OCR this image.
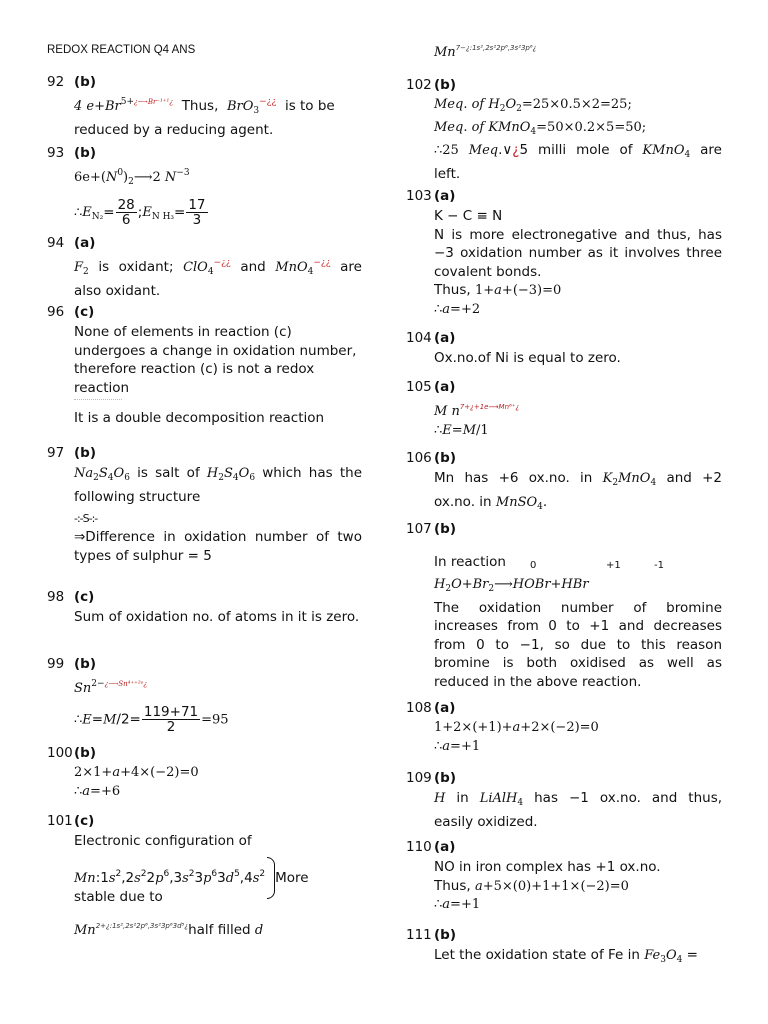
REDOX REACTION Q4 ANS
92 (b)
4 $e+Br^{5+¿⟶Br^{-1+1}¿}$ Thus, BrO$_3$−¿¿ is to be
reduced by a reducing agent.
93 (b)
$6e+(N^0)_2⟶2$ $N^{-3}$
$\therefore E_{N_2}= \frac{28}{6}$ $;E_{N H_3}= \frac{17}{3}$
94 (a)
$F_2$ is oxidant; ClO$_4$−¿¿ and MnO$_4$−¿¿ are
also oxidant.
96 (c)
None of elements in reaction (c) undergoes a change in oxidation number, therefore reaction (c) is not a redox reaction
It is a double decomposition reaction
97 (b)
$Na_2S_4O_6$ is salt of $H_2S_4O_6$ which has the
following structure
-:-S-:-
⇒Difference in oxidation number of two types of sulphur = 5
98 (c)
Sum of oxidation no. of atoms in it is zero.
99 (b)
$Sn^{2-¿⟶Sn^{4++2}ᵉ¿}$
∴E=M/2= $\frac{119+71}{2} =95$
100 (b)
2×1+a+4×(−2)=0
∴a=+6
101 (c)
Electronic configuration of
$Mn:1s^2,2s^22p^6,3s^23p^63d^5,4s^2$ More
stable due to
$Mn^{2+¿:1s^2,2s^22p^6,3s^23p^63d^5¿}half$ filled d
$Mn^{7-¿:1s^2,2s^22p^6,3s^23p^6¿}$
102 (b)
Meq. of $H_2O_2=25\times 0.5\times 2=25$;
Meq. of KMnO$_4$=50×0.2×5=50;
∴25 Meq.∨¿5 milli mole of KMnO$_4$ are
left.
103 (a)
K − C ≡ N
N is more electronegative and thus, has −3 oxidation number as it involves three covalent bonds.
Thus, 1+a+(−3)=0
∴a=+2
104 (a)
Ox.no.of Ni is equal to zero.
105 (a)
M $n^{7+¿+1e⟶Mn^{6+}¿}$
∴E=M/1
106 (b)
Mn has +6 ox.no. in $K_2MnO_4$ and +2
ox.no. in MnSO$_4$.
107 (b)
In reaction 0	+1	-1
$H_2O+Br_2⟶HOBr+HBr$
The oxidation number of bromine increases from 0 to +1 and decreases from 0 to −1, so due to this reason bromine is both oxidised as well as reduced in the above reaction.
108 (a)
1+2×(+1)+a+2×(−2)=0
∴a=+1
109 (b)
H in LiAlH$_4$ has −1 ox.no. and thus,
easily oxidized.
110 (a)
NO in iron complex has +1 ox.no.
Thus, a+5×(0)+1+1×(−2)=0
∴a=+1
111 (b)
Let the oxidation state of Fe in $Fe_3O_4$ =
